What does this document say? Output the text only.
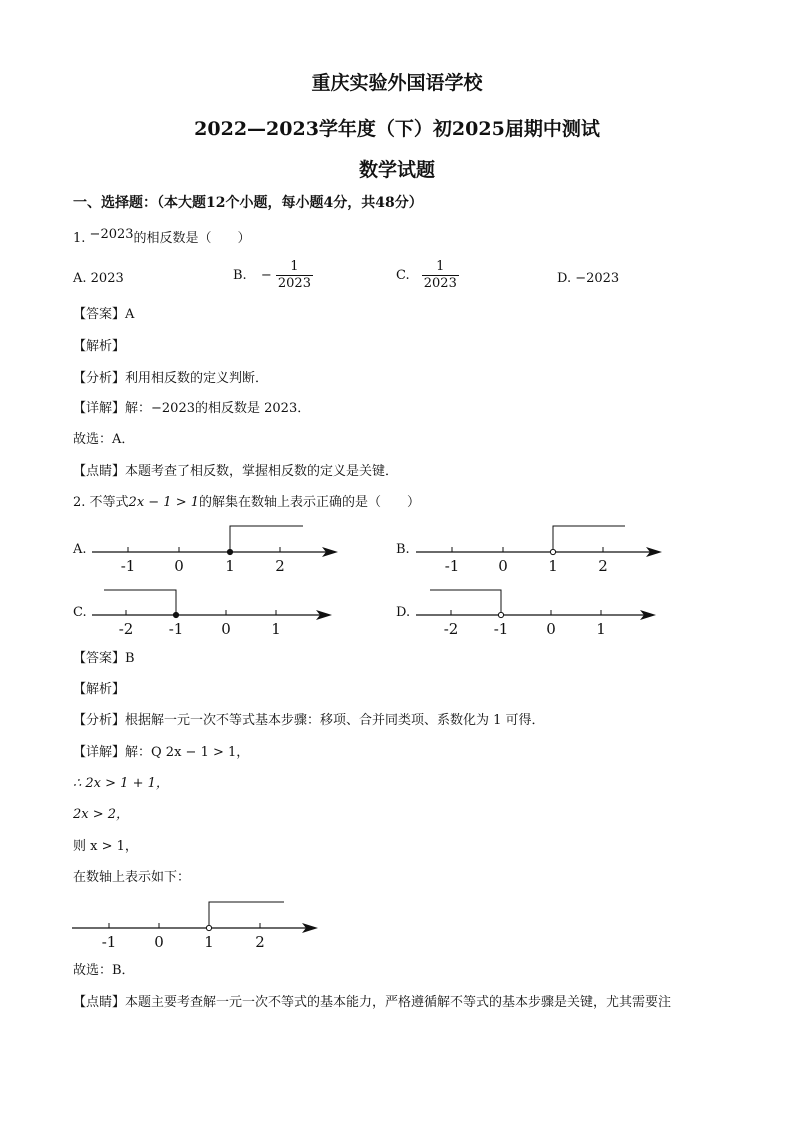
重庆实验外国语学校
2022—2023学年度（下）初2025届期中测试
数学试题
一、选择题：（本大题12个小题，每小题4分，共48分）
1. −2023的相反数是（　　）
A. 2023	B. − $\frac{1}{2023}$	C. $\frac{1}{2023}$	D. −2023
【答案】A
【解析】
【分析】利用相反数的定义判断．
【详解】解：−2023的相反数是 2023．
故选：A．
【点睛】本题考查了相反数，掌握相反数的定义是关键．
2. 不等式2x − 1 > 1的解集在数轴上表示正确的是（　　）
A.
-1	0	1	2
B.
-1	0	1	2
C.
-2 -1	0	1
D.
-2 -1	0	1
【答案】B
【解析】
【分析】根据解一元一次不等式基本步骤：移项、合并同类项、系数化为 1 可得．
【详解】解：Q 2x − 1 > 1，
∴ 2x > 1 + 1，
2x > 2，
则 x > 1，
在数轴上表示如下：
-1	0	1	2
故选：B．
【点睛】本题主要考查解一元一次不等式的基本能力，严格遵循解不等式的基本步骤是关键，尤其需要注
